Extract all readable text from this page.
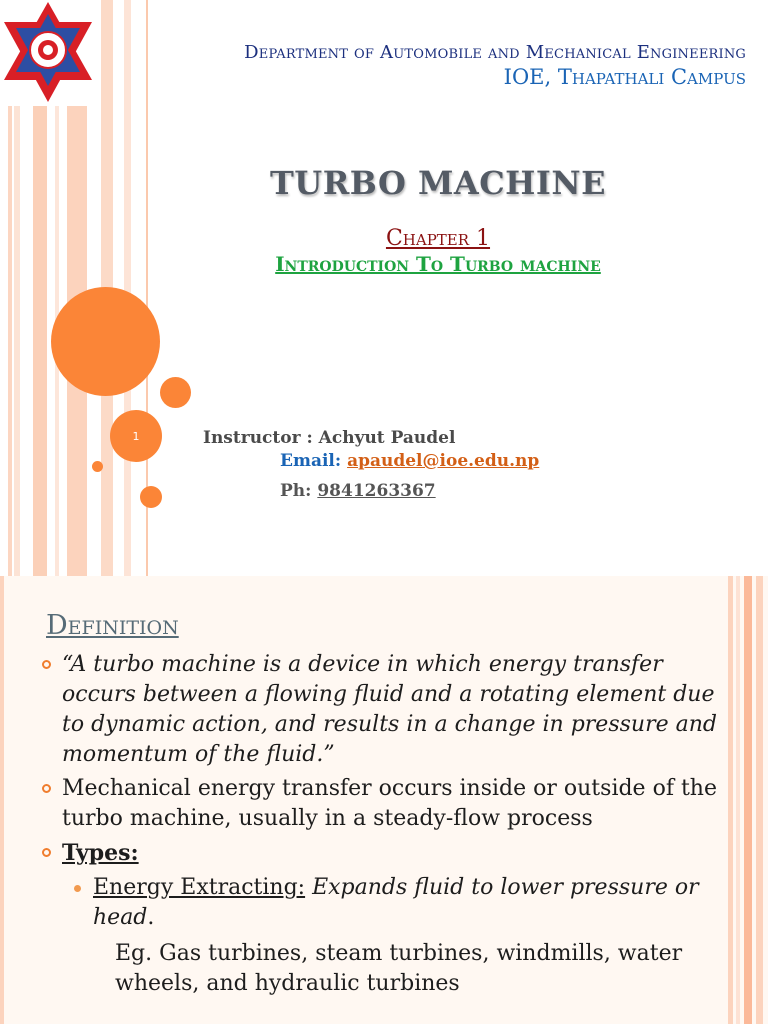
Department of Automobile and Mechanical Engineering
IOE, Thapathali Campus
TURBO MACHINE
Chapter 1
Introduction To Turbo machine
1	Instructor : Achyut Paudel
Email: apaudel@ioe.edu.np
Ph: 9841263367
Definition
“A turbo machine is a device in which energy transfer occurs between a flowing fluid and a rotating element due to dynamic action, and results in a change in pressure and momentum of the fluid.”
Mechanical energy transfer occurs inside or outside of the turbo machine, usually in a steady-flow process
Types:
Energy Extracting: Expands fluid to lower pressure or head.
Eg. Gas turbines, steam turbines, windmills, water wheels, and hydraulic turbines
